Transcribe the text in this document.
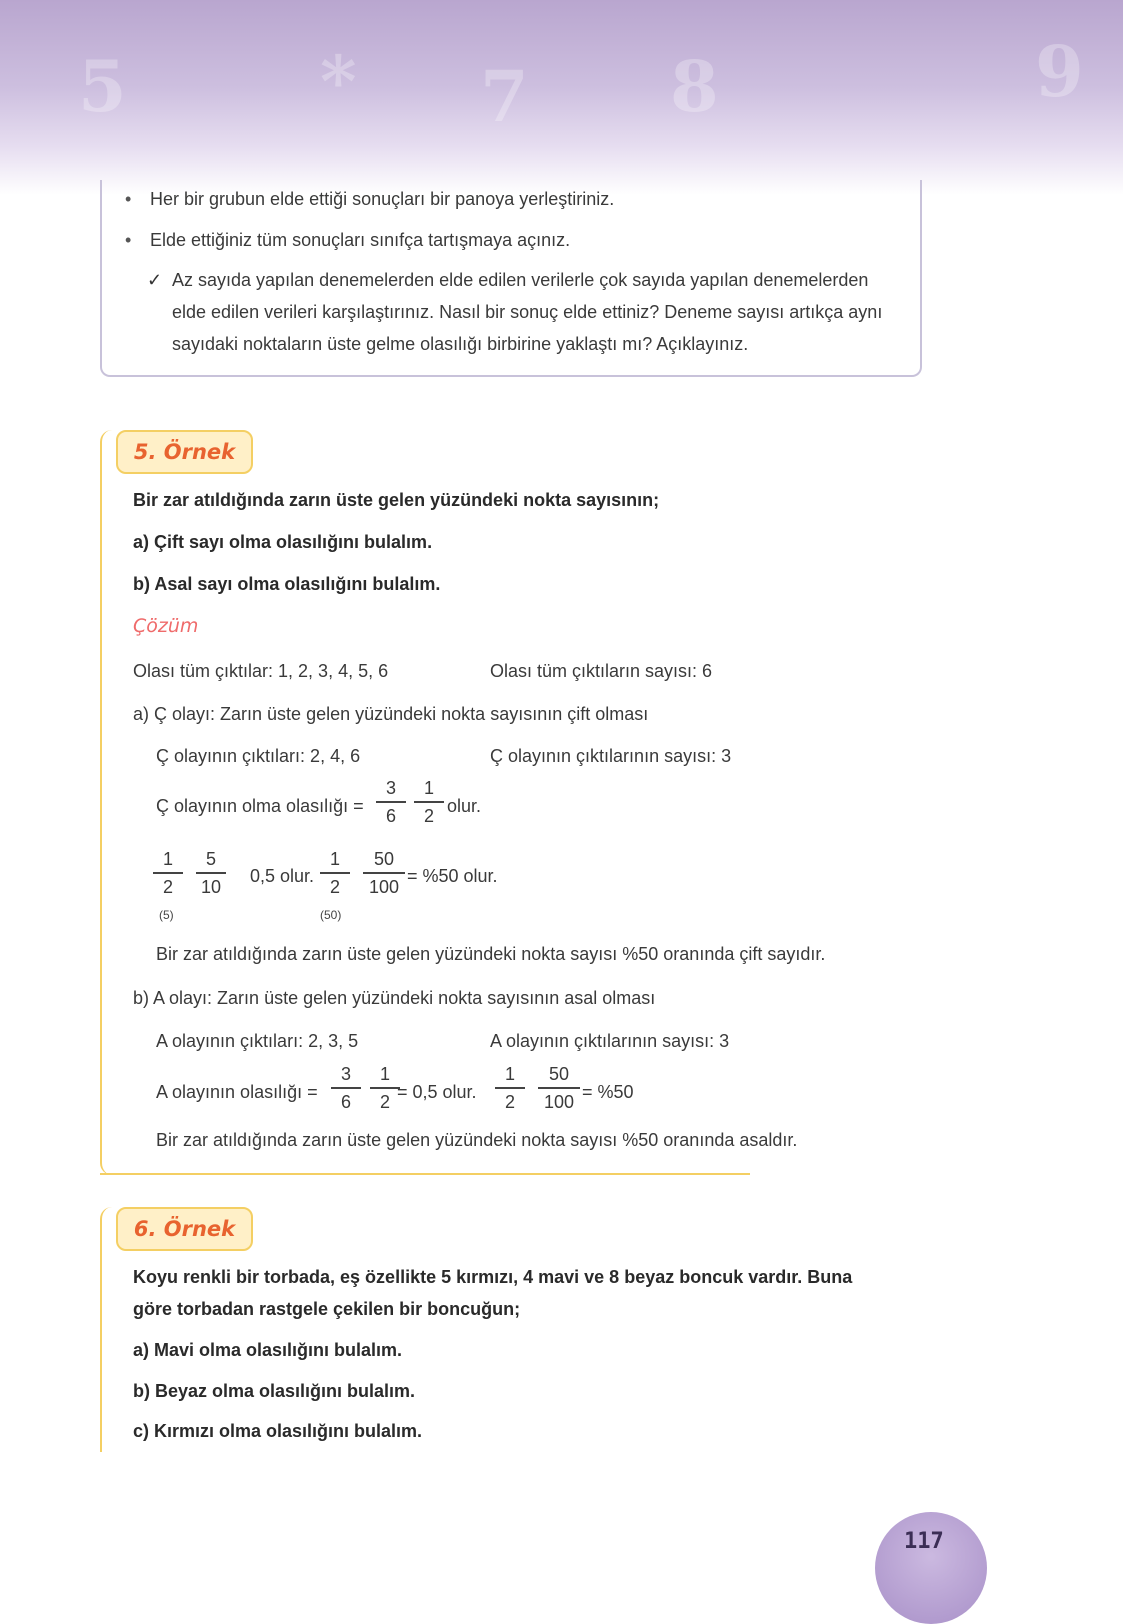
5	* 7 8	9
• Her bir grubun elde ettiği sonuçları bir panoya yerleştiriniz.
• Elde ettiğiniz tüm sonuçları sınıfça tartışmaya açınız.
✓ Az sayıda yapılan denemelerden elde edilen verilerle çok sayıda yapılan denemelerden
elde edilen verileri karşılaştırınız. Nasıl bir sonuç elde ettiniz? Deneme sayısı artıkça aynı
sayıdaki noktaların üste gelme olasılığı birbirine yaklaştı mı? Açıklayınız.
5. Örnek
Bir zar atıldığında zarın üste gelen yüzündeki nokta sayısının;
a) Çift sayı olma olasılığını bulalım.
b) Asal sayı olma olasılığını bulalım.
Çözüm
Olası tüm çıktılar: 1, 2, 3, 4, 5, 6	Olası tüm çıktıların sayısı: 6
a) Ç olayı: Zarın üste gelen yüzündeki nokta sayısının çift olması
Ç olayının çıktıları: 2, 4, 6	Ç olayının çıktılarının sayısı: 3
Ç olayının olma olasılığı =
3
6
1
2 olur.
1
2
(5)
5
10
0,5 olur.
1
2
(50)
50
100
= %50 olur.
Bir zar atıldığında zarın üste gelen yüzündeki nokta sayısı %50 oranında çift sayıdır.
b) A olayı: Zarın üste gelen yüzündeki nokta sayısının asal olması
A olayının çıktıları: 2, 3, 5	A olayının çıktılarının sayısı: 3
A olayının olasılığı =
3
6
1
2 = 0,5 olur.
1
2
50
100 = %50
Bir zar atıldığında zarın üste gelen yüzündeki nokta sayısı %50 oranında asaldır.
6. Örnek
Koyu renkli bir torbada, eş özellikte 5 kırmızı, 4 mavi ve 8 beyaz boncuk vardır. Buna
göre torbadan rastgele çekilen bir boncuğun;
a) Mavi olma olasılığını bulalım.
b) Beyaz olma olasılığını bulalım.
c) Kırmızı olma olasılığını bulalım.
117
